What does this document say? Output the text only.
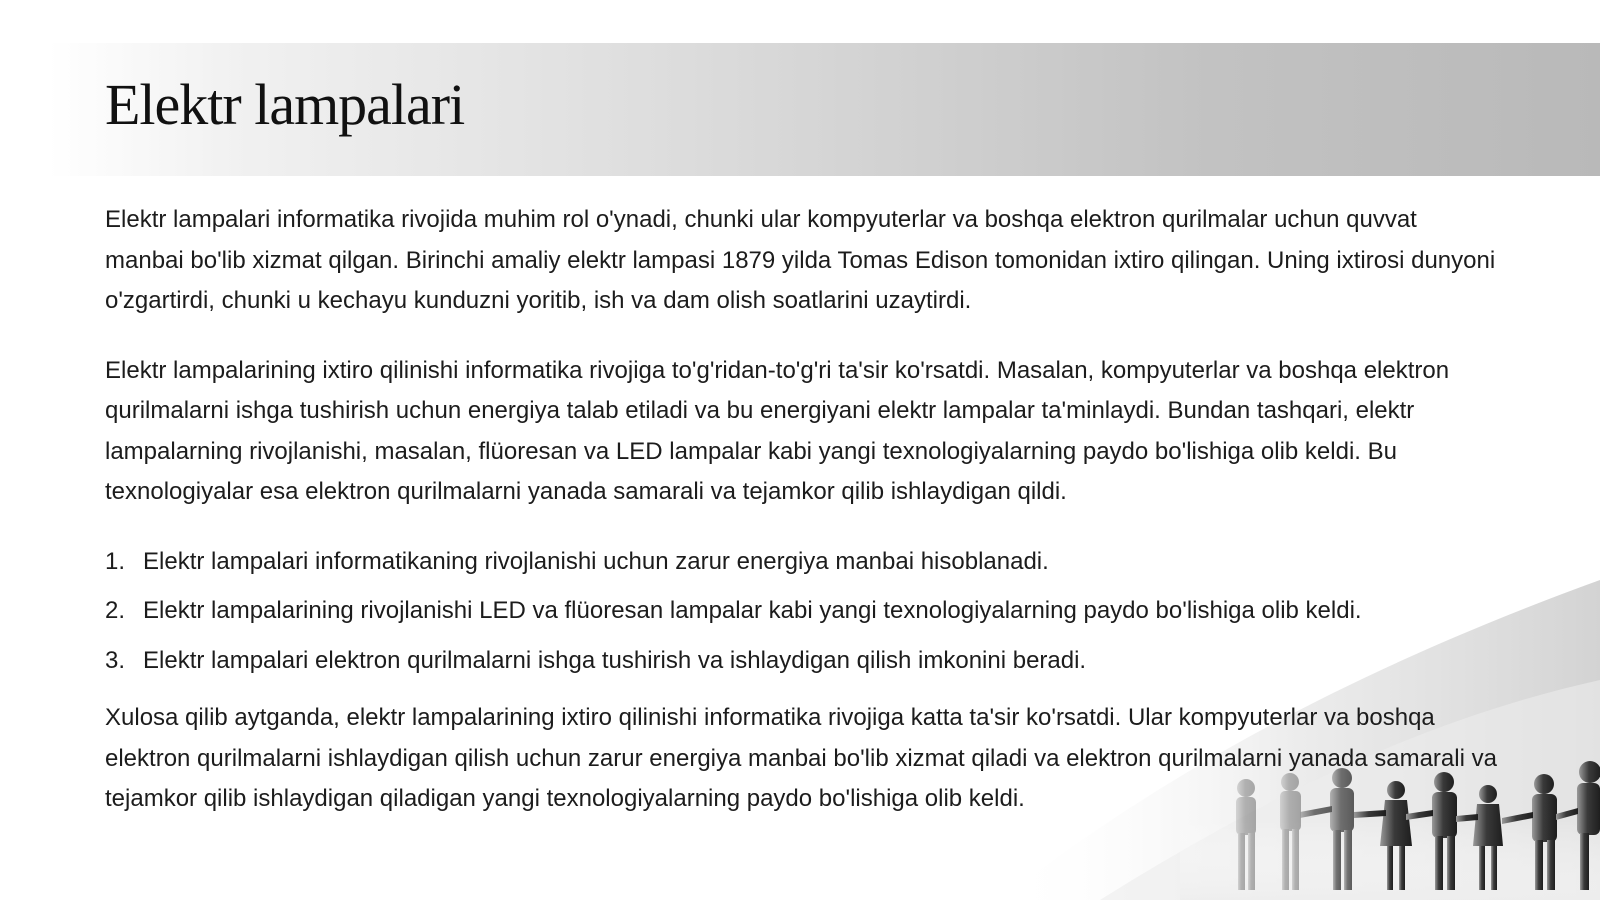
Elektr lampalari

Elektr lampalari informatika rivojida muhim rol o'ynadi, chunki ular kompyuterlar va boshqa elektron qurilmalar uchun quvvat manbai bo'lib xizmat qilgan. Birinchi amaliy elektr lampasi 1879 yilda Tomas Edison tomonidan ixtiro qilingan. Uning ixtirosi dunyoni o'zgartirdi, chunki u kechayu kunduzni yoritib, ish va dam olish soatlarini uzaytirdi.

Elektr lampalarining ixtiro qilinishi informatika rivojiga to'g'ridan-to'g'ri ta'sir ko'rsatdi. Masalan, kompyuterlar va boshqa elektron qurilmalarni ishga tushirish uchun energiya talab etiladi va bu energiyani elektr lampalar ta'minlaydi. Bundan tashqari, elektr lampalarning rivojlanishi, masalan, flüoresan va LED lampalar kabi yangi texnologiyalarning paydo bo'lishiga olib keldi. Bu texnologiyalar esa elektron qurilmalarni yanada samarali va tejamkor qilib ishlaydigan qildi.

1. Elektr lampalari informatikaning rivojlanishi uchun zarur energiya manbai hisoblanadi.
2. Elektr lampalarining rivojlanishi LED va flüoresan lampalar kabi yangi texnologiyalarning paydo bo'lishiga olib keldi.
3. Elektr lampalari elektron qurilmalarni ishga tushirish va ishlaydigan qilish imkonini beradi.

Xulosa qilib aytganda, elektr lampalarining ixtiro qilinishi informatika rivojiga katta ta'sir ko'rsatdi. Ular kompyuterlar va boshqa elektron qurilmalarni ishlaydigan qilish uchun zarur energiya manbai bo'lib xizmat qiladi va elektron qurilmalarni yanada samarali va tejamkor qilib ishlaydigan qiladigan yangi texnologiyalarning paydo bo'lishiga olib keldi.
